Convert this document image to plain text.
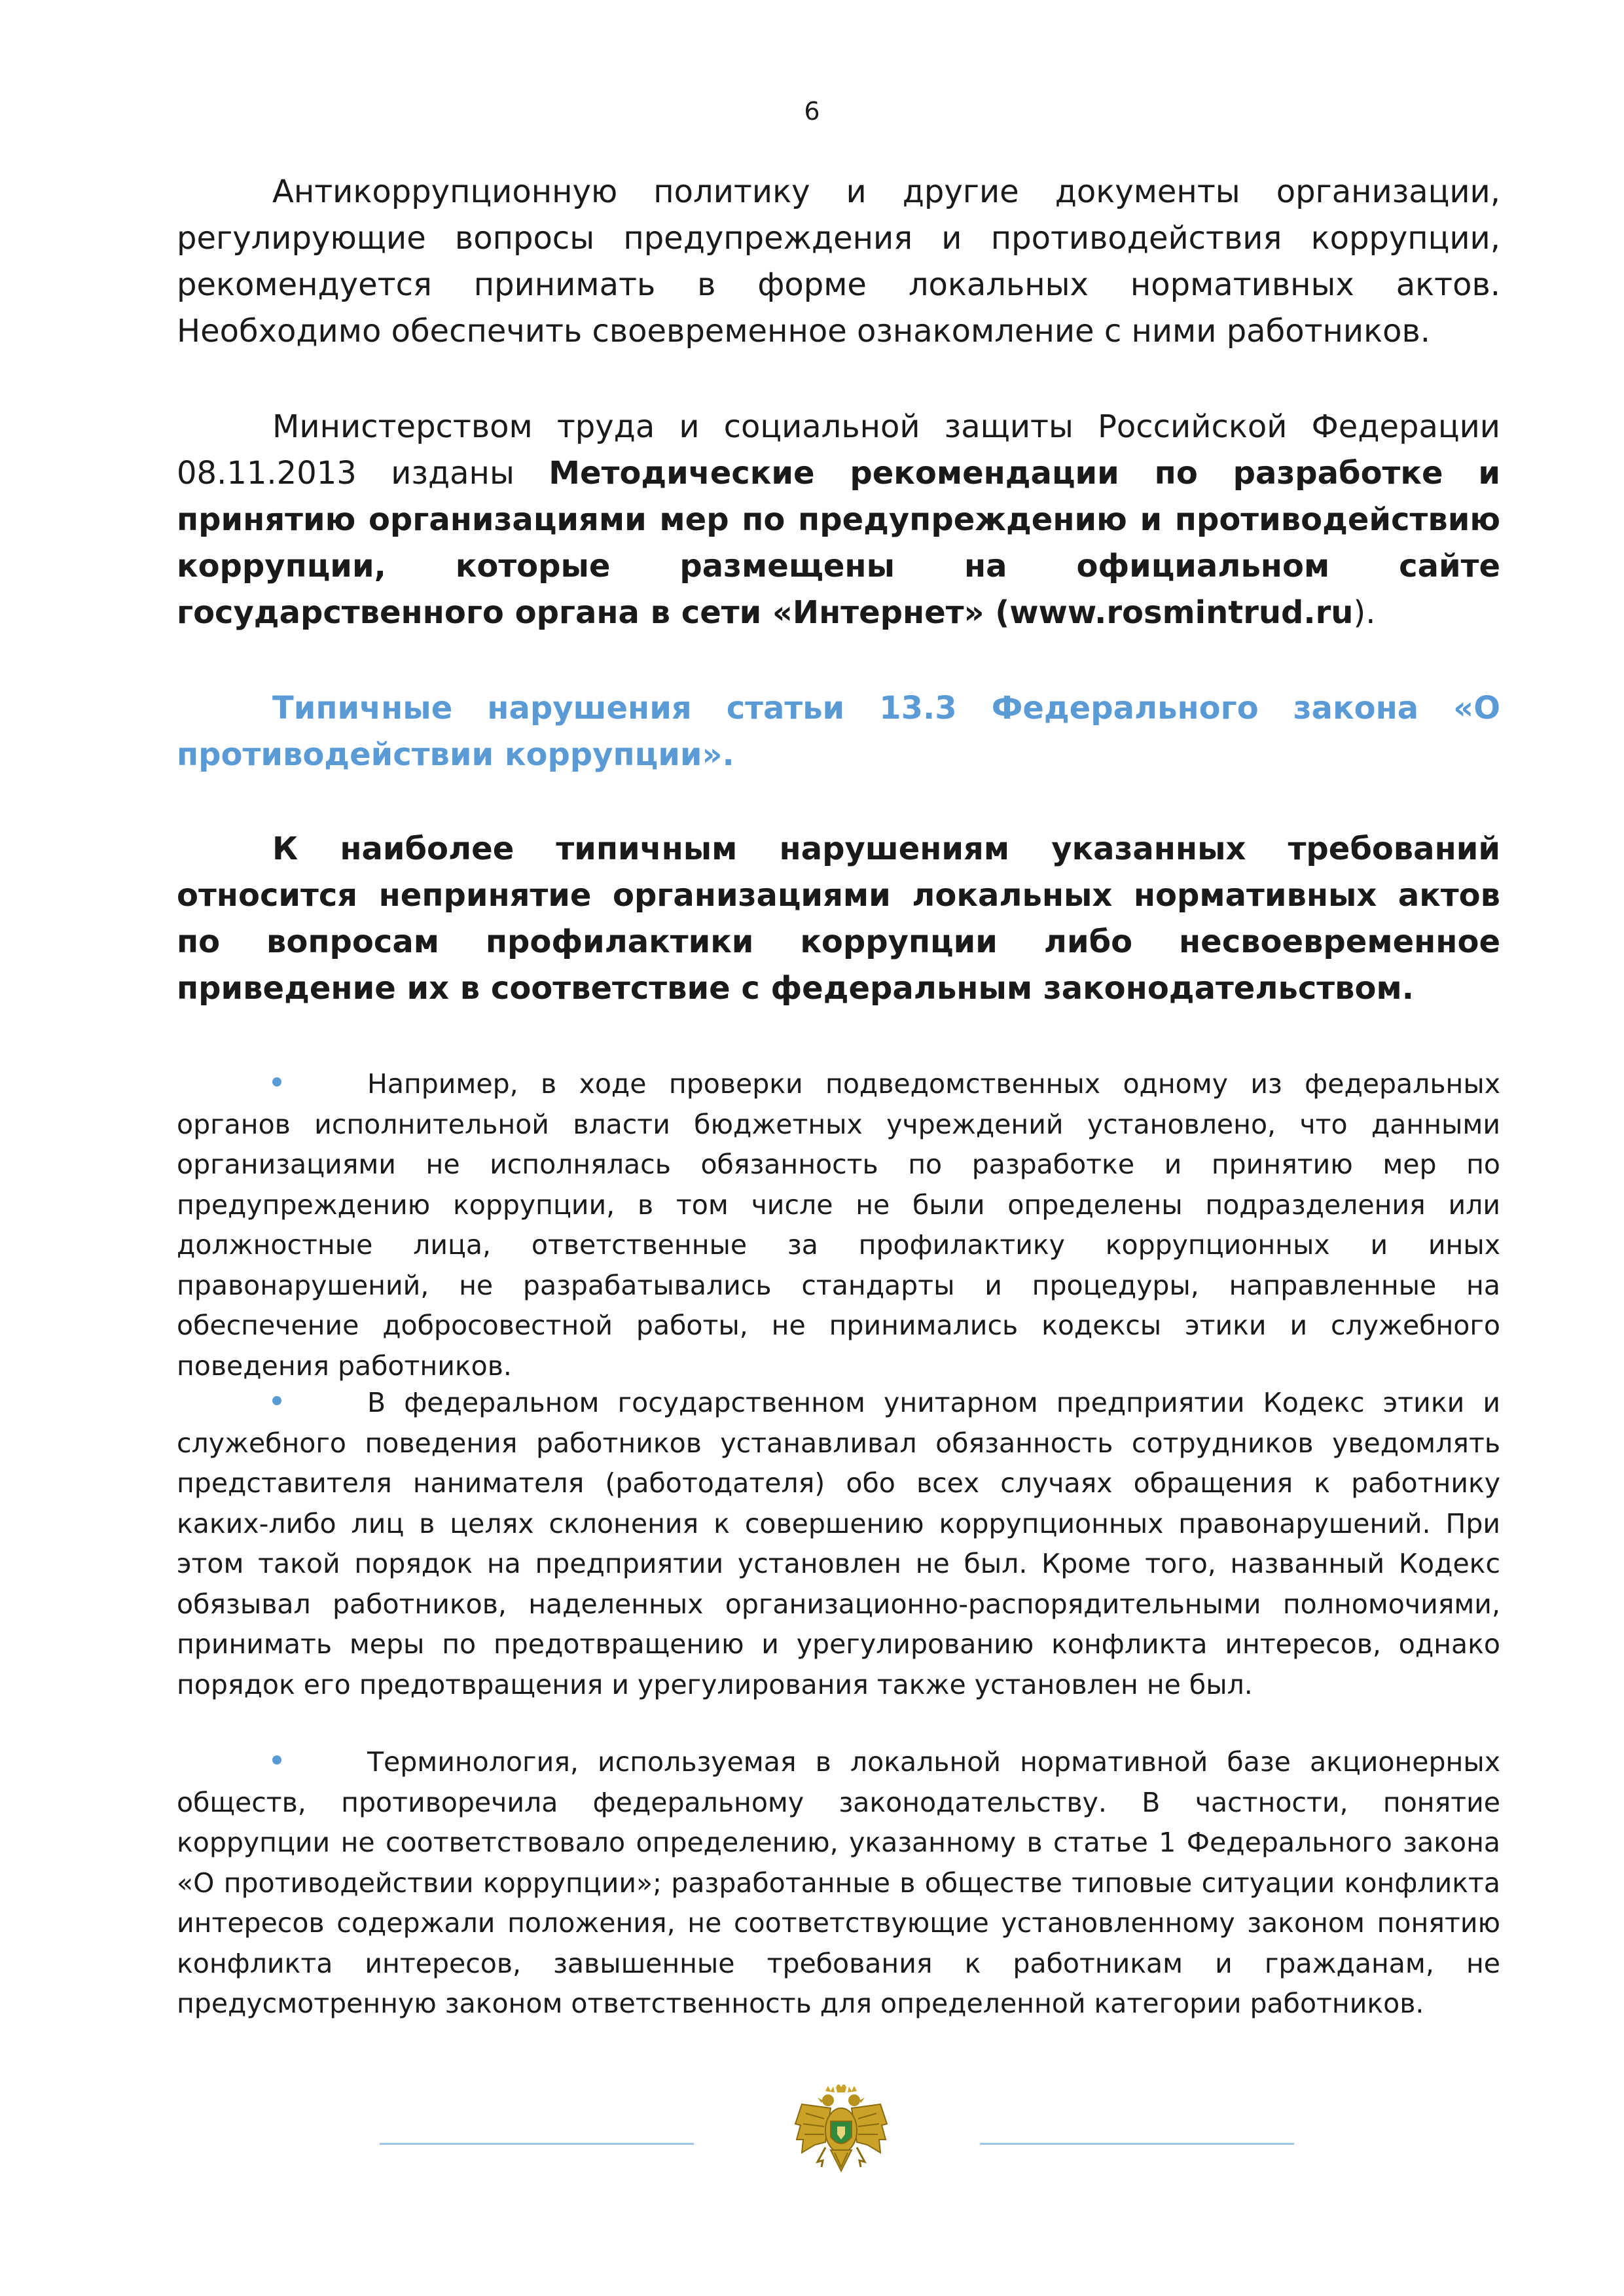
6
Антикоррупционную политику и другие документы организации, регулирующие вопросы предупреждения и противодействия коррупции, рекомендуется принимать в форме локальных нормативных актов. Необходимо обеспечить своевременное ознакомление с ними работников.
Министерством труда и социальной защиты Российской Федерации 08.11.2013 изданы Методические рекомендации по разработке и принятию организациями мер по предупреждению и противодействию коррупции, которые размещены на официальном сайте государственного органа в сети «Интернет» (www.rosmintrud.ru).
Типичные нарушения статьи 13.3 Федерального закона «О противодействии коррупции».
К наиболее типичным нарушениям указанных требований относится непринятие организациями локальных нормативных актов по вопросам профилактики коррупции либо несвоевременное приведение их в соответствие с федеральным законодательством.
Например, в ходе проверки подведомственных одному из федеральных органов исполнительной власти бюджетных учреждений установлено, что данными организациями не исполнялась обязанность по разработке и принятию мер по предупреждению коррупции, в том числе не были определены подразделения или должностные лица, ответственные за профилактику коррупционных и иных правонарушений, не разрабатывались стандарты и процедуры, направленные на обеспечение добросовестной работы, не принимались кодексы этики и служебного поведения работников.
В федеральном государственном унитарном предприятии Кодекс этики и служебного поведения работников устанавливал обязанность сотрудников уведомлять представителя нанимателя (работодателя) обо всех случаях обращения к работнику каких-либо лиц в целях склонения к совершению коррупционных правонарушений. При этом такой порядок на предприятии установлен не был. Кроме того, названный Кодекс обязывал работников, наделенных организационно-распорядительными полномочиями, принимать меры по предотвращению и урегулированию конфликта интересов, однако порядок его предотвращения и урегулирования также установлен не был.
Терминология, используемая в локальной нормативной базе акционерных обществ, противоречила федеральному законодательству. В частности, понятие коррупции не соответствовало определению, указанному в статье 1 Федерального закона «О противодействии коррупции»; разработанные в обществе типовые ситуации конфликта интересов содержали положения, не соответствующие установленному законом понятию конфликта интересов, завышенные требования к работникам и гражданам, не предусмотренную законом ответственность для определенной категории работников.
